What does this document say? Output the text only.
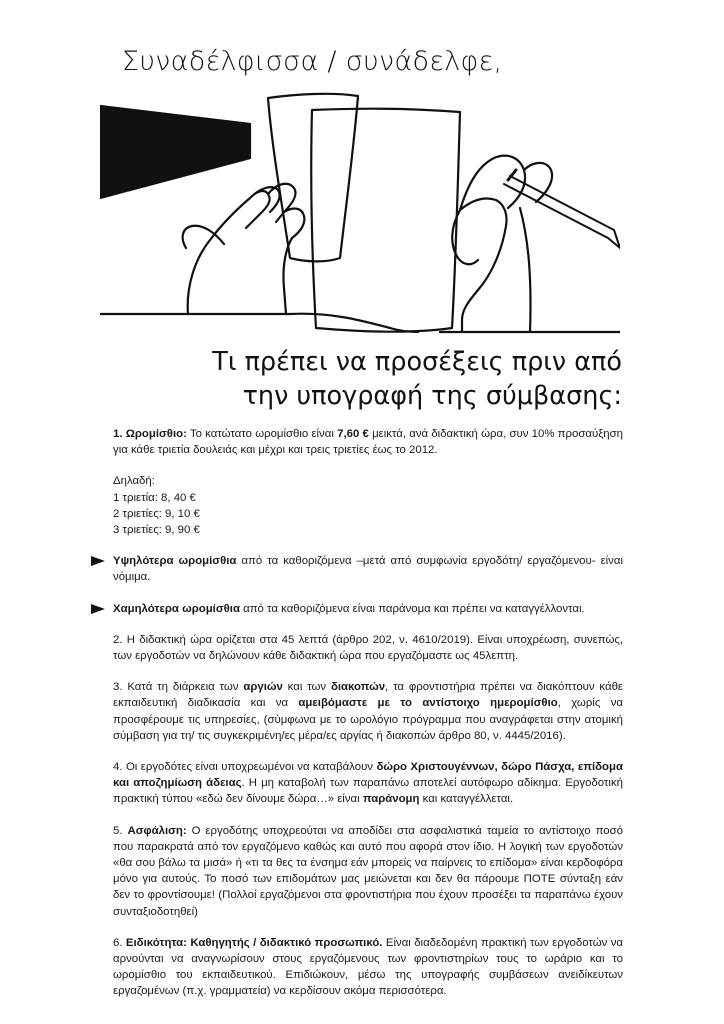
Συναδέλφισσα / συνάδελφε,
Τι πρέπει να προσέξεις πριν από
την υπογραφή της σύμβασης:

1. Ωρομίσθιο: Το κατώτατο ωρομίσθιο είναι 7,60 € μεικτά, ανά διδακτική ώρα, συν 10% προσαύξηση για κάθε τριετία δουλειάς και μέχρι και τρεις τριετίες έως το 2012.

Δηλαδή:
1 τριετία: 8, 40 €
2 τριετίες: 9, 10 €
3 τριετίες: 9, 90 €

Υψηλότερα ωρομίσθια από τα καθοριζόμενα –μετά από συμφωνία εργοδότη/ εργαζόμενου- είναι νόμιμα.

Χαμηλότερα ωρομίσθια από τα καθοριζόμενα είναι παράνομα και πρέπει να καταγγέλλονται.

2. Η διδακτική ώρα ορίζεται στα 45 λεπτά (άρθρο 202, ν. 4610/2019). Είναι υποχρέωση, συνεπώς, των εργοδοτών να δηλώνουν κάθε διδακτική ώρα που εργαζόμαστε ως 45λεπτη.

3. Κατά τη διάρκεια των αργιών και των διακοπών, τα φροντιστήρια πρέπει να διακόπτουν κάθε εκπαιδευτική διαδικασία και να αμειβόμαστε με το αντίστοιχο ημερομίσθιο, χωρίς να προσφέρουμε τις υπηρεσίες, (σύμφωνα με το ωρολόγιο πρόγραμμα που αναγράφεται στην ατομική σύμβαση για τη/ τις συγκεκριμένη/ες μέρα/ες αργίας ή διακοπών άρθρο 80, ν. 4445/2016).

4. Οι εργοδότες είναι υποχρεωμένοι να καταβάλουν δώρο Χριστουγέννων, δώρο Πάσχα, επίδομα και αποζημίωση άδειας. Η μη καταβολή των παραπάνω αποτελεί αυτόφωρο αδίκημα. Εργοδοτική πρακτική τύπου «εδώ δεν δίνουμε δώρα…» είναι παράνομη και καταγγέλλεται.

5. Ασφάλιση: Ο εργοδότης υποχρεούται να αποδίδει στα ασφαλιστικά ταμεία το αντίστοιχο ποσό που παρακρατά από τον εργαζόμενο καθώς και αυτό που αφορά στον ίδιο. Η λογική των εργοδοτών «θα σου βάλω τα μισά» ή «τι τα θες τα ένσημα εάν μπορείς να παίρνεις το επίδομα» είναι κερδοφόρα μόνο για αυτούς. Το ποσό των επιδομάτων μας μειώνεται και δεν θα πάρουμε ΠΟΤΕ σύνταξη εάν δεν το φροντίσουμε! (Πολλοί εργαζόμενοι στα φροντιστήρια που έχουν προσέξει τα παραπάνω έχουν συνταξιοδοτηθεί)

6. Ειδικότητα: Καθηγητής / διδακτικό προσωπικό. Είναι διαδεδομένη πρακτική των εργοδοτών να αρνούνται να αναγνωρίσουν στους εργαζόμενους των φροντιστηρίων τους το ωράριο και το ωρομίσθιο του εκπαιδευτικού. Επιδιώκουν, μέσω της υπογραφής συμβάσεων ανειδίκευτων εργαζομένων (π.χ. γραμματεία) να κερδίσουν ακόμα περισσότερα.
